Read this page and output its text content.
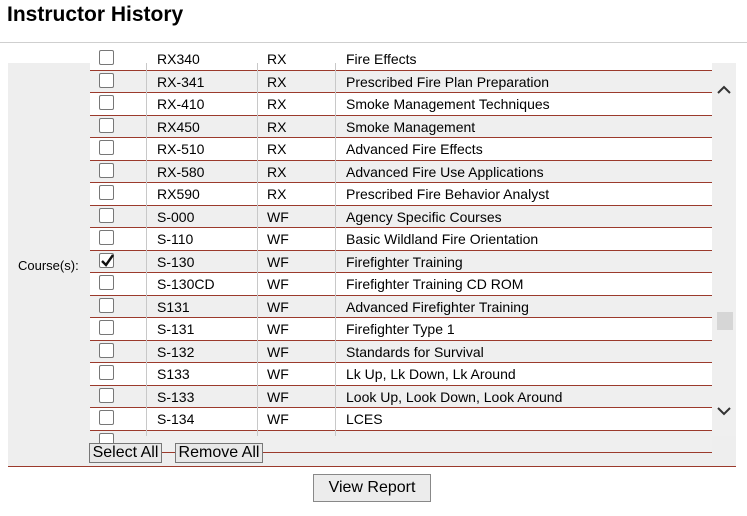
Instructor History
Course(s):
RX340	RX	Fire Effects
RX-341	RX	Prescribed Fire Plan Preparation
RX-410	RX	Smoke Management Techniques
RX450	RX	Smoke Management
RX-510	RX	Advanced Fire Effects
RX-580	RX	Advanced Fire Use Applications
RX590	RX	Prescribed Fire Behavior Analyst
S-000	WF	Agency Specific Courses
S-110	WF	Basic Wildland Fire Orientation
S-130	WF	Firefighter Training
S-130CD	WF	Firefighter Training CD ROM
S131	WF	Advanced Firefighter Training
S-131	WF	Firefighter Type 1
S-132	WF	Standards for Survival
S133	WF	Lk Up, Lk Down, Lk Around
S-133	WF	Look Up, Look Down, Look Around
S-134	WF	LCES
Select All Remove All
View Report
